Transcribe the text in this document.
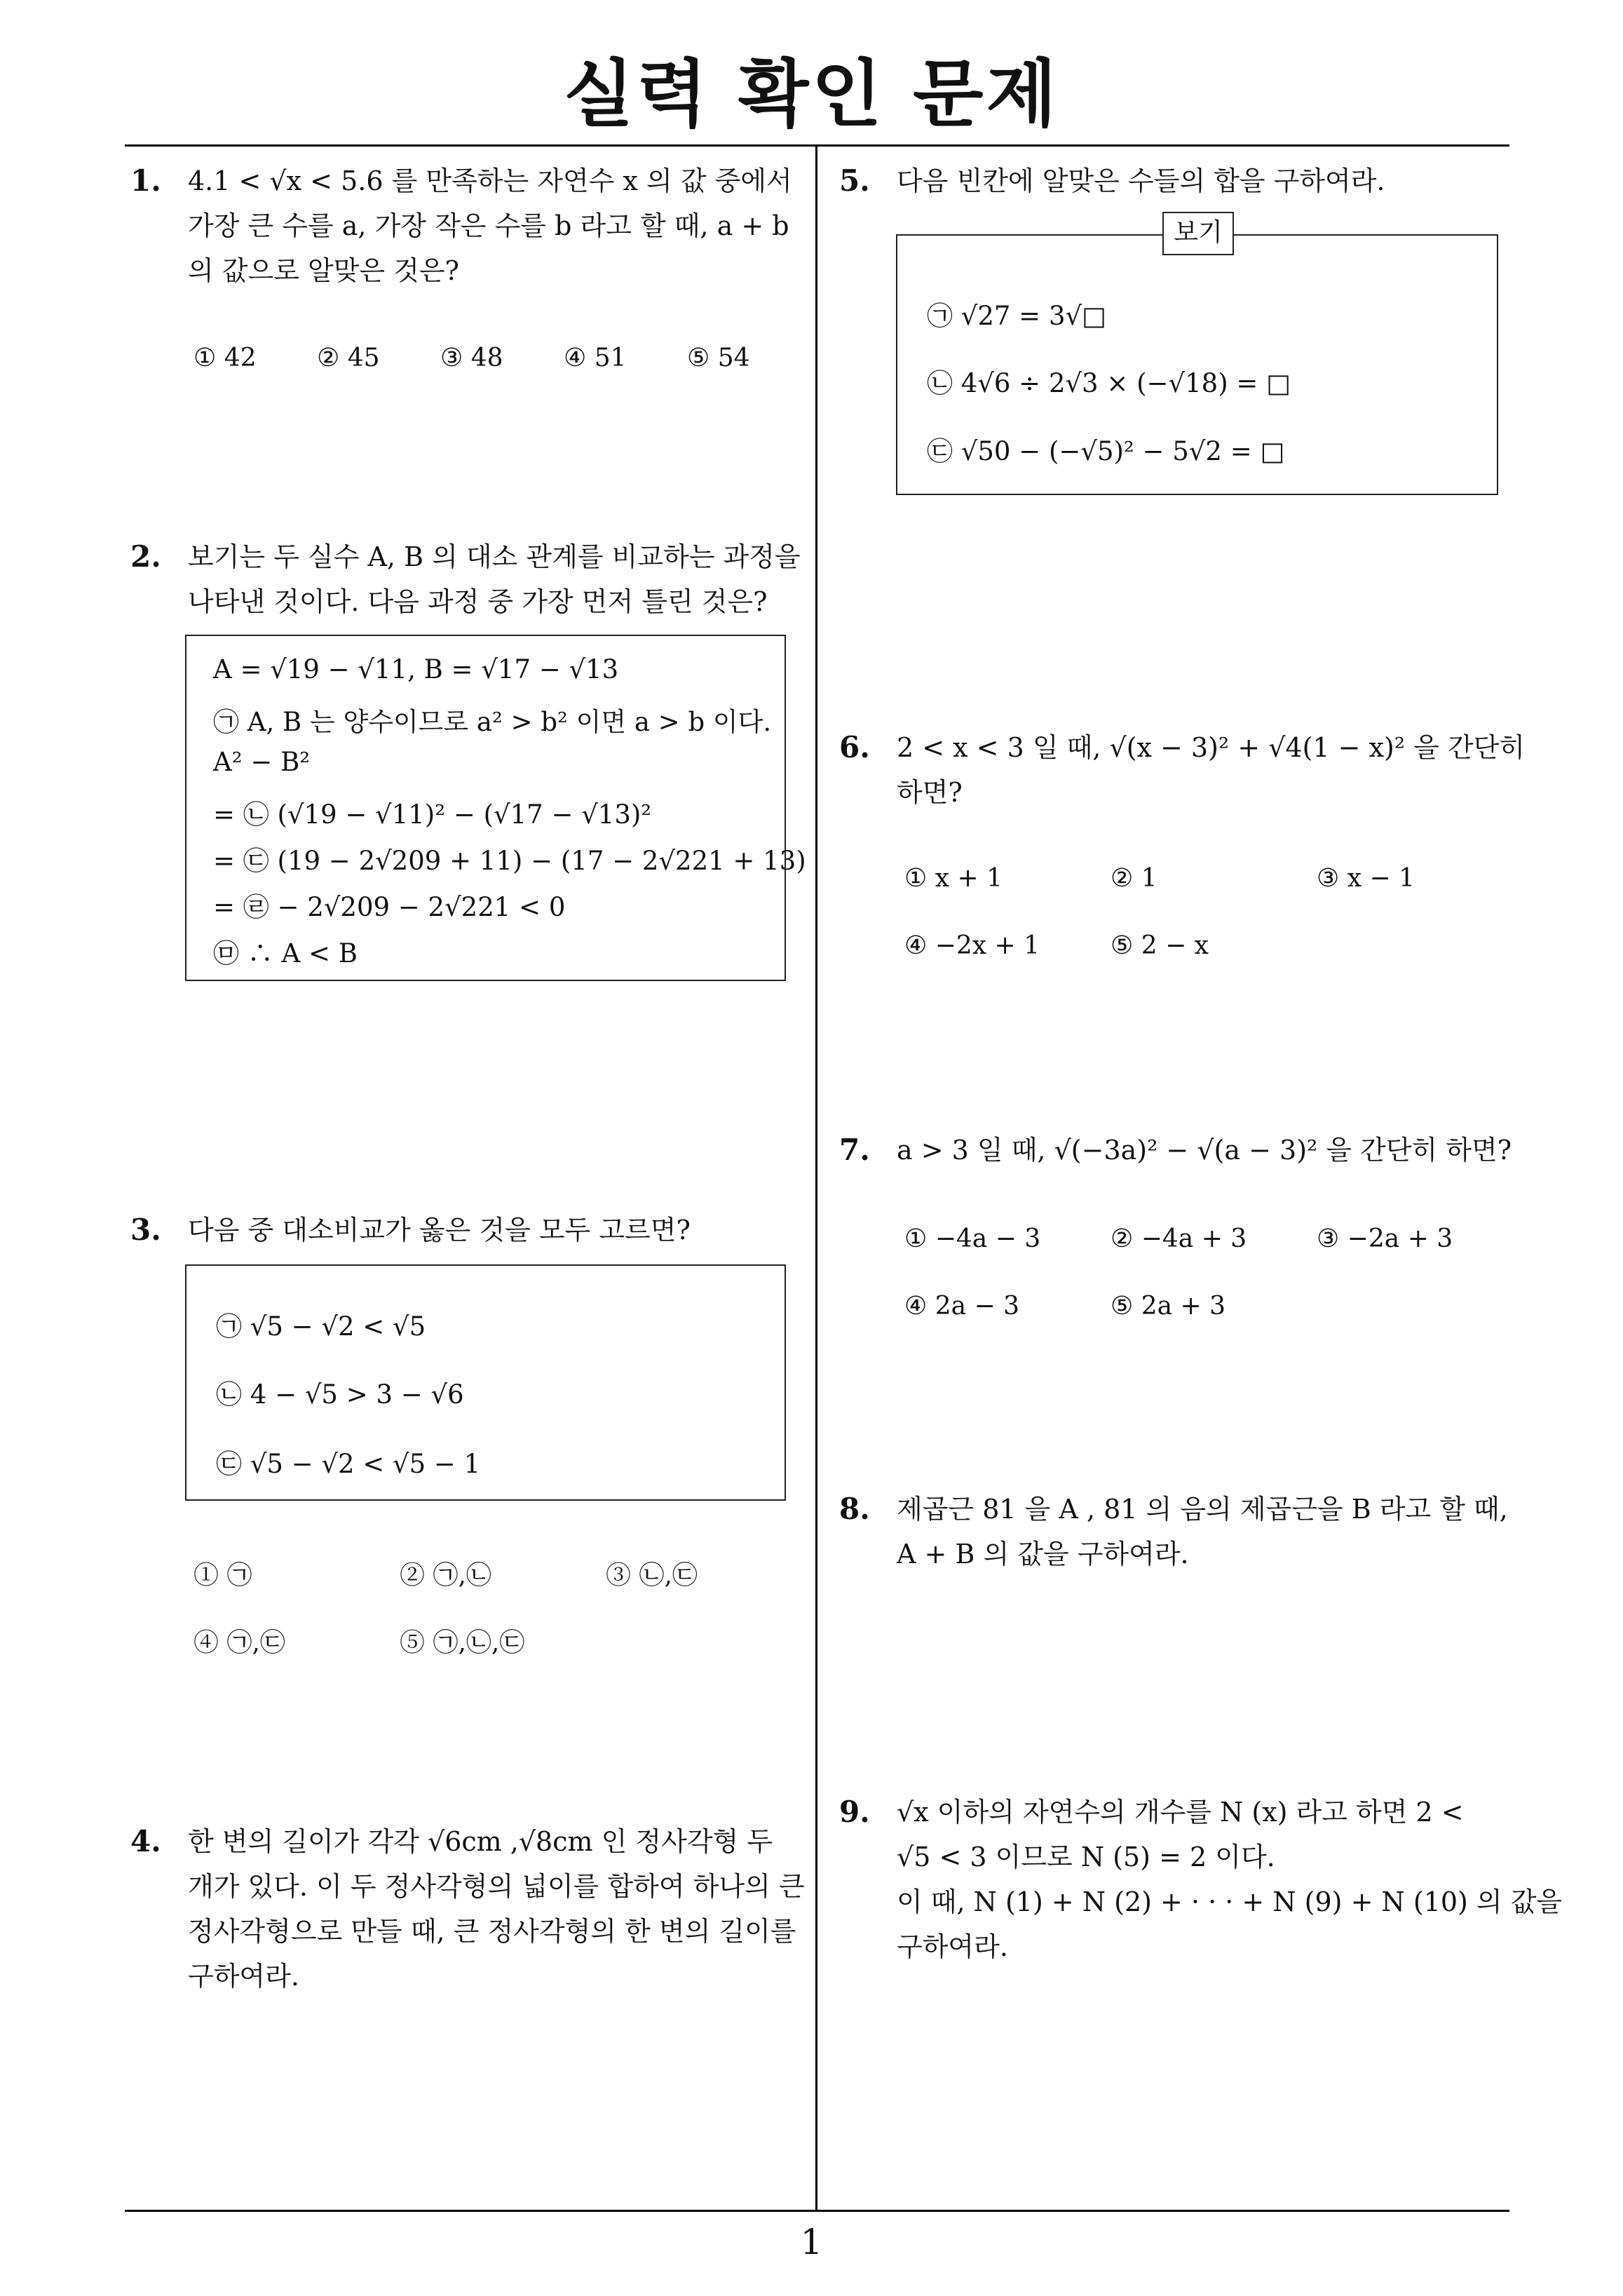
실력 확인 문제
1. 4.1 < √x < 5.6 를 만족하는 자연수 x 의 값 중에서
가장 큰 수를 a, 가장 작은 수를 b 라고 할 때, a + b
의 값으로 알맞은 것은?
① 42 ② 45 ③ 48 ④ 51 ⑤ 54
2. 보기는 두 실수 A, B 의 대소 관계를 비교하는 과정을
나타낸 것이다. 다음 과정 중 가장 먼저 틀린 것은?
A = √19 − √11, B = √17 − √13
㉠ A, B 는 양수이므로 a² > b² 이면 a > b 이다.
A² − B²
= ㉡ (√19 − √11)² − (√17 − √13)²
= ㉢ (19 − 2√209 + 11) − (17 − 2√221 + 13)
= ㉣ − 2√209 − 2√221 < 0
㉤ ∴ A < B
3. 다음 중 대소비교가 옳은 것을 모두 고르면?
㉠ √5 − √2 < √5
㉡ 4 − √5 > 3 − √6
㉢ √5 − √2 < √5 − 1
① ㉠	② ㉠,㉡	③ ㉡,㉢
④ ㉠,㉢	⑤ ㉠,㉡,㉢
4. 한 변의 길이가 각각 √6cm ,√8cm 인 정사각형 두
개가 있다. 이 두 정사각형의 넓이를 합하여 하나의 큰
정사각형으로 만들 때, 큰 정사각형의 한 변의 길이를
구하여라.
5. 다음 빈칸에 알맞은 수들의 합을 구하여라.
㉠ √27 = 3√□
㉡ 4√6 ÷ 2√3 × (−√18) = □
㉢ √50 − (−√5)² − 5√2 = □
보기
6. 2 < x < 3 일 때, √(x − 3)² + √4(1 − x)² 을 간단히
하면?
① x + 1	② 1	③ x − 1
④ −2x + 1	⑤ 2 − x
7. a > 3 일 때, √(−3a)² − √(a − 3)² 을 간단히 하면?
① −4a − 3	② −4a + 3	③ −2a + 3
④ 2a − 3	⑤ 2a + 3
8. 제곱근 81 을 A , 81 의 음의 제곱근을 B 라고 할 때,
A + B 의 값을 구하여라.
9. √x 이하의 자연수의 개수를 N (x) 라고 하면 2 <
√5 < 3 이므로 N (5) = 2 이다.
이 때, N (1) + N (2) + · · · + N (9) + N (10) 의 값을
구하여라.
1
